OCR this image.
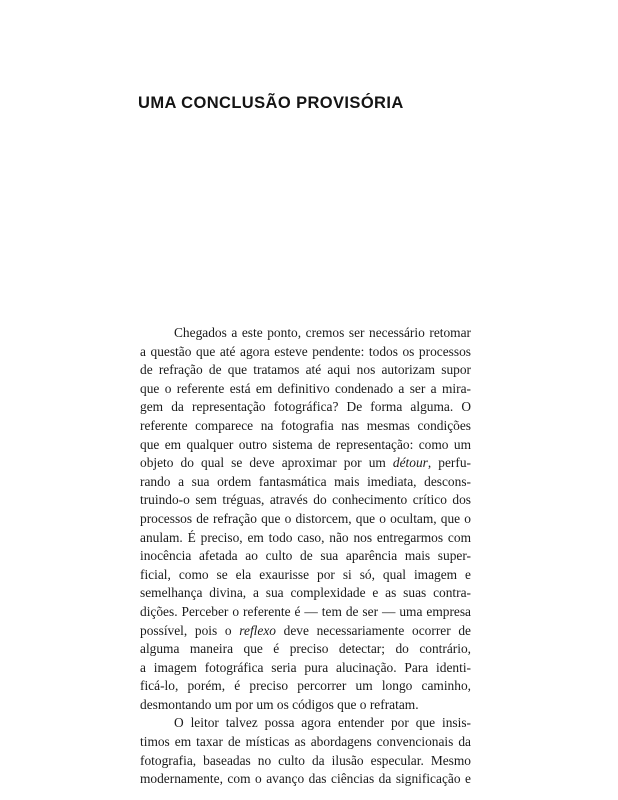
UMA CONCLUSÃO PROVISÓRIA
Chegados a este ponto, cremos ser necessário retomar
a questão que até agora esteve pendente: todos os processos
de refração de que tratamos até aqui nos autorizam supor
que o referente está em definitivo condenado a ser a mira-
gem da representação fotográfica? De forma alguma. O
referente comparece na fotografia nas mesmas condições
que em qualquer outro sistema de representação: como um
objeto do qual se deve aproximar por um détour, perfu-
rando a sua ordem fantasmática mais imediata, descons-
truindo-o sem tréguas, através do conhecimento crítico dos
processos de refração que o distorcem, que o ocultam, que o
anulam. É preciso, em todo caso, não nos entregarmos com
inocência afetada ao culto de sua aparência mais super-
ficial, como se ela exaurisse por si só, qual imagem e
semelhança divina, a sua complexidade e as suas contra-
dições. Perceber o referente é — tem de ser — uma empresa
possível, pois o reflexo deve necessariamente ocorrer de
alguma maneira que é preciso detectar; do contrário,
a imagem fotográfica seria pura alucinação. Para identi-
ficá-lo, porém, é preciso percorrer um longo caminho,
desmontando um por um os códigos que o refratam.
O leitor talvez possa agora entender por que insis-
timos em taxar de místicas as abordagens convencionais da
fotografia, baseadas no culto da ilusão especular. Mesmo
modernamente, com o avanço das ciências da significação e
